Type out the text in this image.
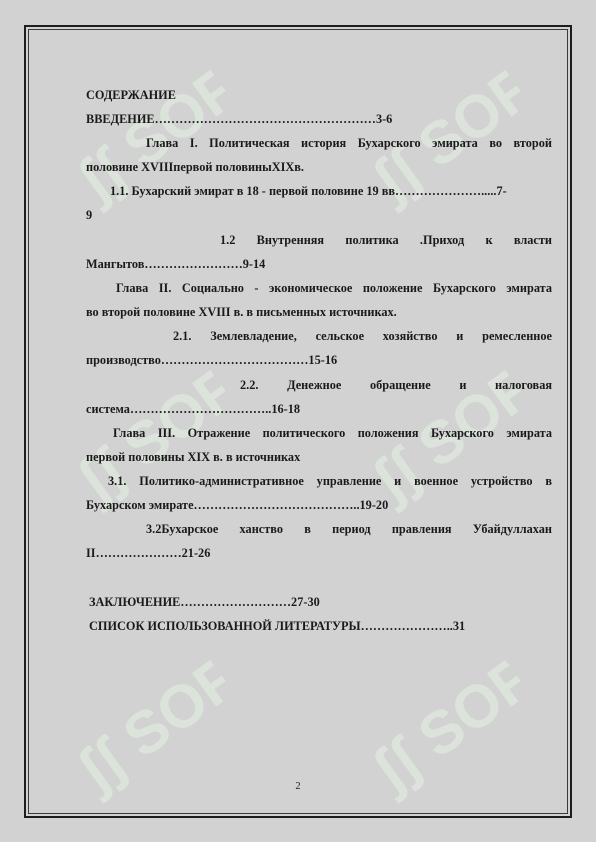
ʃʃ SOFF ʃʃ SOFF
ʃʃ SOFF ʃʃ SOFF
ʃʃ SOFF ʃʃ SOFF
СОДЕРЖАНИЕ
ВВЕДЕНИЕ………………………………………………3-6
Глава I. Политическая история Бухарского эмирата во второй
половине XVIIIпервой половиныXIXв.
1.1. Бухарский эмират в 18 - первой половине 19 вв………………….....7-
9
1.2 Внутренняя политика .Приход к власти
Мангытов……………………9-14
Глава II. Социально - экономическое положение Бухарского эмирата
во второй половине XVIII в. в письменных источниках.
2.1. Землевладение, сельское хозяйство и ремесленное
производство………………………………15-16
2.2. Денежное обращение и налоговая
система……………………………..16-18
Глава III. Отражение политического положения Бухарского эмирата
первой половины XIX в. в источниках
3.1. Политико-административное управление и военное устройство в
Бухарском эмирате…………………………………..19-20
3.2Бухарское ханство в период правления Убайдуллахан
II…………………21-26
ЗАКЛЮЧЕНИЕ………………………27-30
СПИСОК ИСПОЛЬЗОВАННОЙ ЛИТЕРАТУРЫ…………………..31
2
